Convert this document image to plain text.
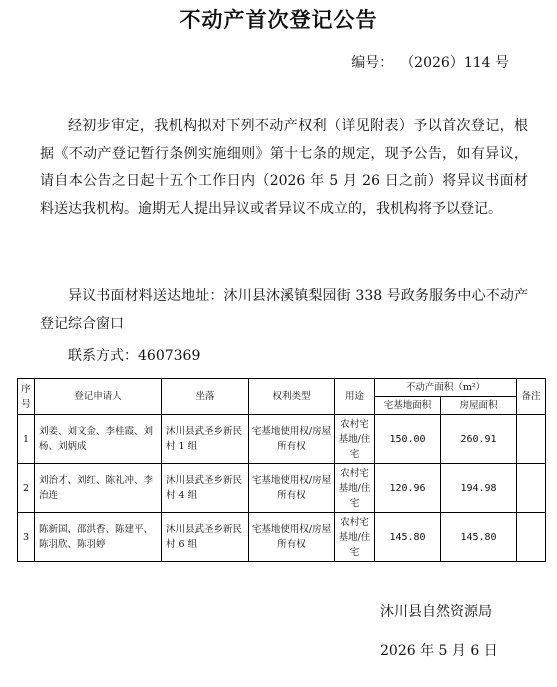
不动产首次登记公告
编号： （2026）114 号

经初步审定，我机构拟对下列不动产权利（详见附表）予以首次登记，根据《不动产登记暂行条例实施细则》第十七条的规定，现予公告，如有异议，请自本公告之日起十五个工作日内（2026 年 5 月 26 日之前）将异议书面材料送达我机构。逾期无人提出异议或者异议不成立的，我机构将予以登记。

异议书面材料送达地址：沐川县沐溪镇梨园街 338 号政务服务中心不动产登记综合窗口

联系方式：4607369
序号	登记申请人	坐落	权利类型	用途	不动产面积（m²）		备注
					宅基地面积	房屋面积	
1	刘姜、刘文金、李桂霞、刘杨、刘炳成	沐川县武圣乡新民村 1 组	宅基地使用权/房屋所有权	农村宅基地/住宅	150.00	260.91	
2	刘治才、刘红、陈礼冲、李治连	沐川县武圣乡新民村 4 组	宅基地使用权/房屋所有权	农村宅基地/住宅	120.96	194.98	
3	陈新国、邵洪香、陈建平、陈羽欣、陈羽婷	沐川县武圣乡新民村 6 组	宅基地使用权/房屋所有权	农村宅基地/住宅	145.80	145.80	
沐川县自然资源局
2026 年 5 月 6 日
